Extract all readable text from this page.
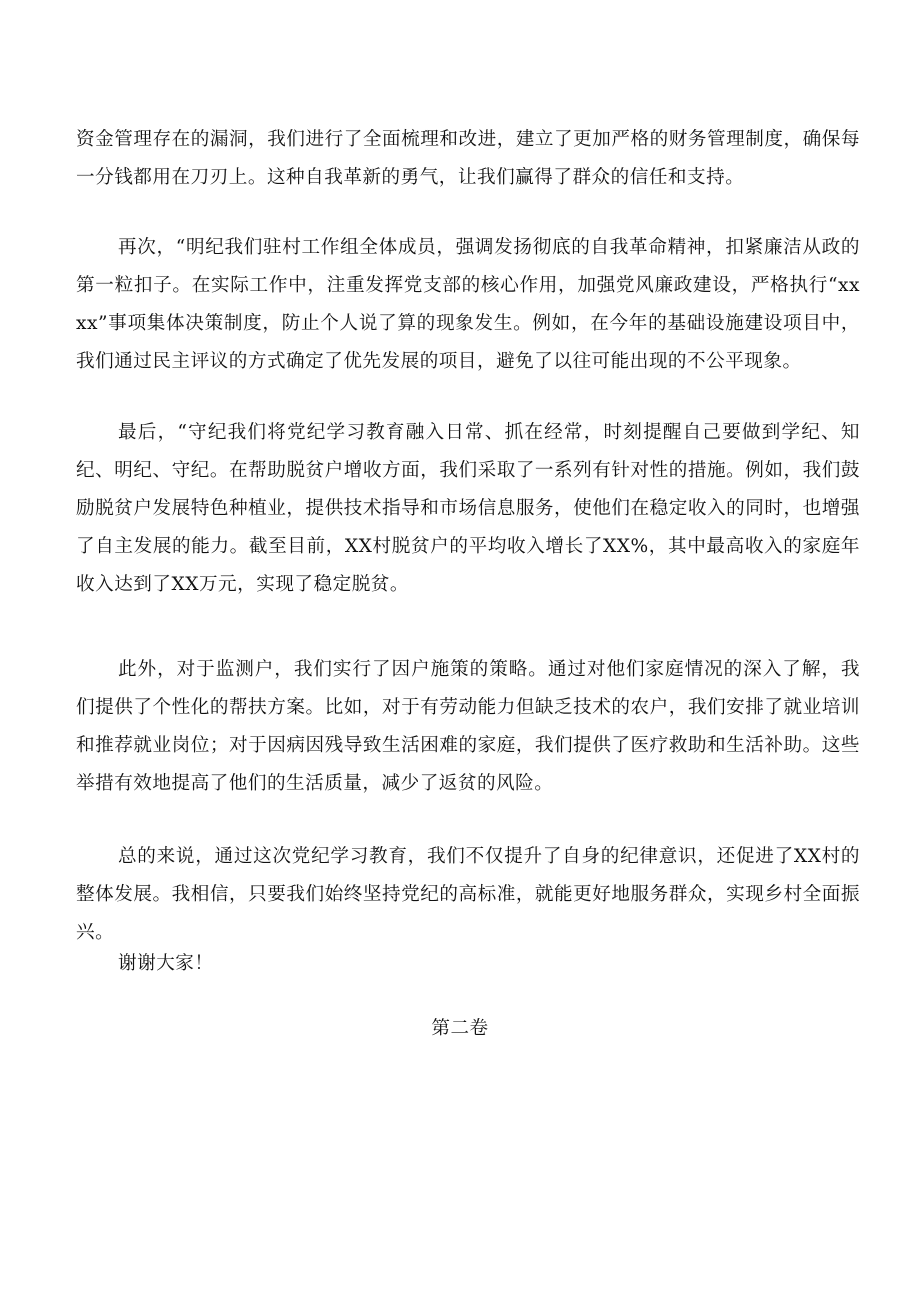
资金管理存在的漏洞，我们进行了全面梳理和改进，建立了更加严格的财务管理制度，确保每一分钱都用在刀刃上。这种自我革新的勇气，让我们赢得了群众的信任和支持。

再次，“明纪我们驻村工作组全体成员，强调发扬彻底的自我革命精神，扣紧廉洁从政的第一粒扣子。在实际工作中，注重发挥党支部的核心作用，加强党风廉政建设，严格执行“xxxx”事项集体决策制度，防止个人说了算的现象发生。例如，在今年的基础设施建设项目中，我们通过民主评议的方式确定了优先发展的项目，避免了以往可能出现的不公平现象。

最后，“守纪我们将党纪学习教育融入日常、抓在经常，时刻提醒自己要做到学纪、知纪、明纪、守纪。在帮助脱贫户增收方面，我们采取了一系列有针对性的措施。例如，我们鼓励脱贫户发展特色种植业，提供技术指导和市场信息服务，使他们在稳定收入的同时，也增强了自主发展的能力。截至目前，XX村脱贫户的平均收入增长了XX%，其中最高收入的家庭年收入达到了XX万元，实现了稳定脱贫。

此外，对于监测户，我们实行了因户施策的策略。通过对他们家庭情况的深入了解，我们提供了个性化的帮扶方案。比如，对于有劳动能力但缺乏技术的农户，我们安排了就业培训和推荐就业岗位；对于因病因残导致生活困难的家庭，我们提供了医疗救助和生活补助。这些举措有效地提高了他们的生活质量，减少了返贫的风险。

总的来说，通过这次党纪学习教育，我们不仅提升了自身的纪律意识，还促进了XX村的整体发展。我相信，只要我们始终坚持党纪的高标准，就能更好地服务群众，实现乡村全面振兴。

谢谢大家！

第二卷
